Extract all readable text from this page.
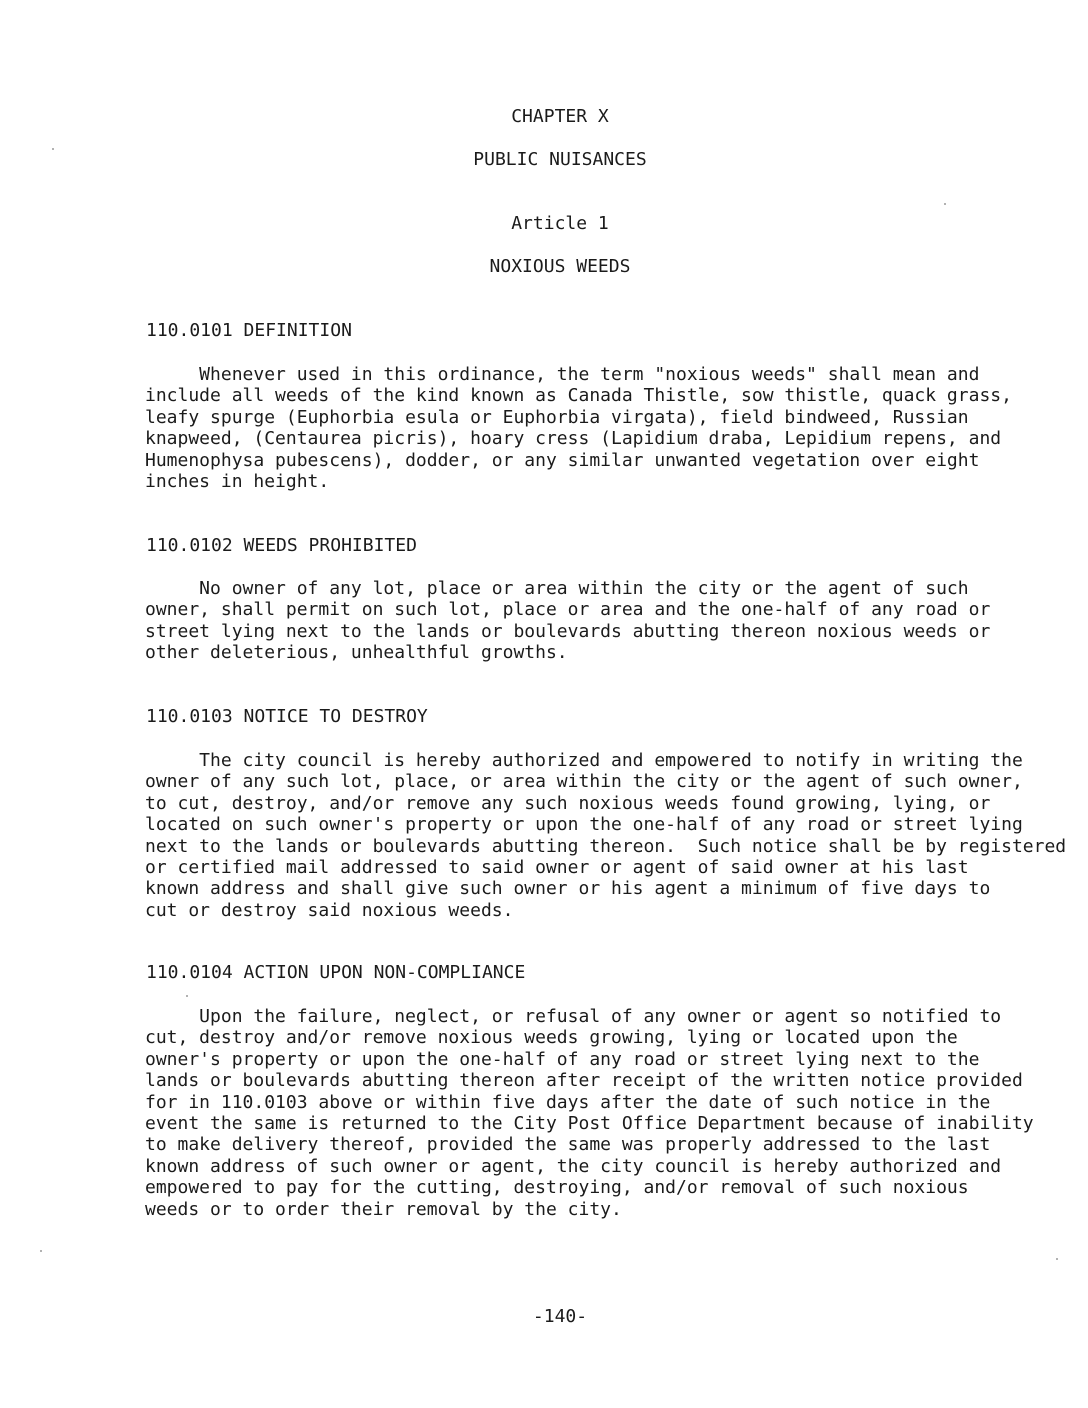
CHAPTER X
PUBLIC NUISANCES
Article 1
NOXIOUS WEEDS
110.0101 DEFINITION
Whenever used in this ordinance, the term "noxious weeds" shall mean and
include all weeds of the kind known as Canada Thistle, sow thistle, quack grass,
leafy spurge (Euphorbia esula or Euphorbia virgata), field bindweed, Russian
knapweed, (Centaurea picris), hoary cress (Lapidium draba, Lepidium repens, and
Humenophysa pubescens), dodder, or any similar unwanted vegetation over eight
inches in height.
110.0102 WEEDS PROHIBITED
No owner of any lot, place or area within the city or the agent of such
owner, shall permit on such lot, place or area and the one-half of any road or
street lying next to the lands or boulevards abutting thereon noxious weeds or
other deleterious, unhealthful growths.
110.0103 NOTICE TO DESTROY
The city council is hereby authorized and empowered to notify in writing the
owner of any such lot, place, or area within the city or the agent of such owner,
to cut, destroy, and/or remove any such noxious weeds found growing, lying, or
located on such owner's property or upon the one-half of any road or street lying
next to the lands or boulevards abutting thereon.  Such notice shall be by registered
or certified mail addressed to said owner or agent of said owner at his last
known address and shall give such owner or his agent a minimum of five days to
cut or destroy said noxious weeds.
110.0104 ACTION UPON NON-COMPLIANCE
Upon the failure, neglect, or refusal of any owner or agent so notified to
cut, destroy and/or remove noxious weeds growing, lying or located upon the
owner's property or upon the one-half of any road or street lying next to the
lands or boulevards abutting thereon after receipt of the written notice provided
for in 110.0103 above or within five days after the date of such notice in the
event the same is returned to the City Post Office Department because of inability
to make delivery thereof, provided the same was properly addressed to the last
known address of such owner or agent, the city council is hereby authorized and
empowered to pay for the cutting, destroying, and/or removal of such noxious
weeds or to order their removal by the city.
-140-
